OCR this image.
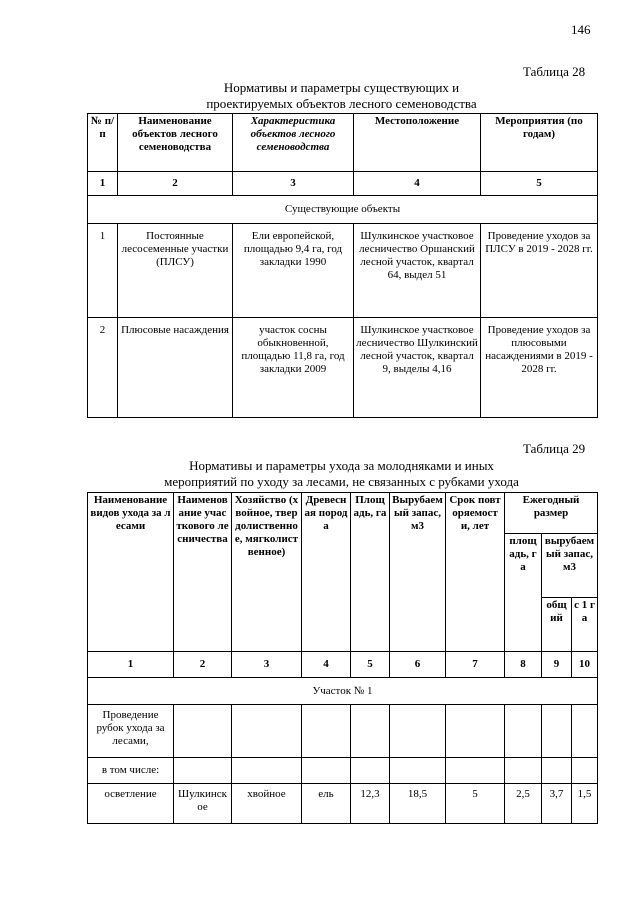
146
Таблица 28
Нормативы и параметры существующих и
проектируемых объектов лесного семеноводства
№ п/п	Наименование объектов лесного семеноводства	Характеристика объектов лесного семеноводства	Местоположение	Мероприятия (по годам)
1	2	3	4	5
Существующие объекты				
1	Постоянные лесосеменные участки (ПЛСУ)	Ели европейской, площадью 9,4 га, год закладки 1990	Шулкинское участковое лесничество Оршанский лесной участок, квартал 64, выдел 51	Проведение уходов за ПЛСУ в 2019 - 2028 гг.
2	Плюсовые насаждения	участок сосны обыкновенной, площадью 11,8 га, год закладки 2009	Шулкинское участковое лесничество Шулкинский лесной участок, квартал 9, выделы 4,16	Проведение уходов за плюсовыми насаждениями в 2019 - 2028 гг.
Таблица 29
Нормативы и параметры ухода за молодняками и иных
мероприятий по уходу за лесами, не связанных с рубками ухода
Наименование видов ухода за лесами	Наименование участкового лесничества	Хозяйство (хвойное, твердолиственное, мягколиственное)	Древесная порода	Площадь, га	Вырубаемый запас, м3	Срок повторяемости, лет	Ежегодный размер		
							площадь, га	вырубаемый запас, м3	
								общий	с 1 га
1	2	3	4	5	6	7	8	9	10
Участок № 1									
Проведение рубок ухода за лесами,									
в том числе:									
осветление	Шулкинское	хвойное	ель	12,3	18,5	5	2,5	3,7	1,5
